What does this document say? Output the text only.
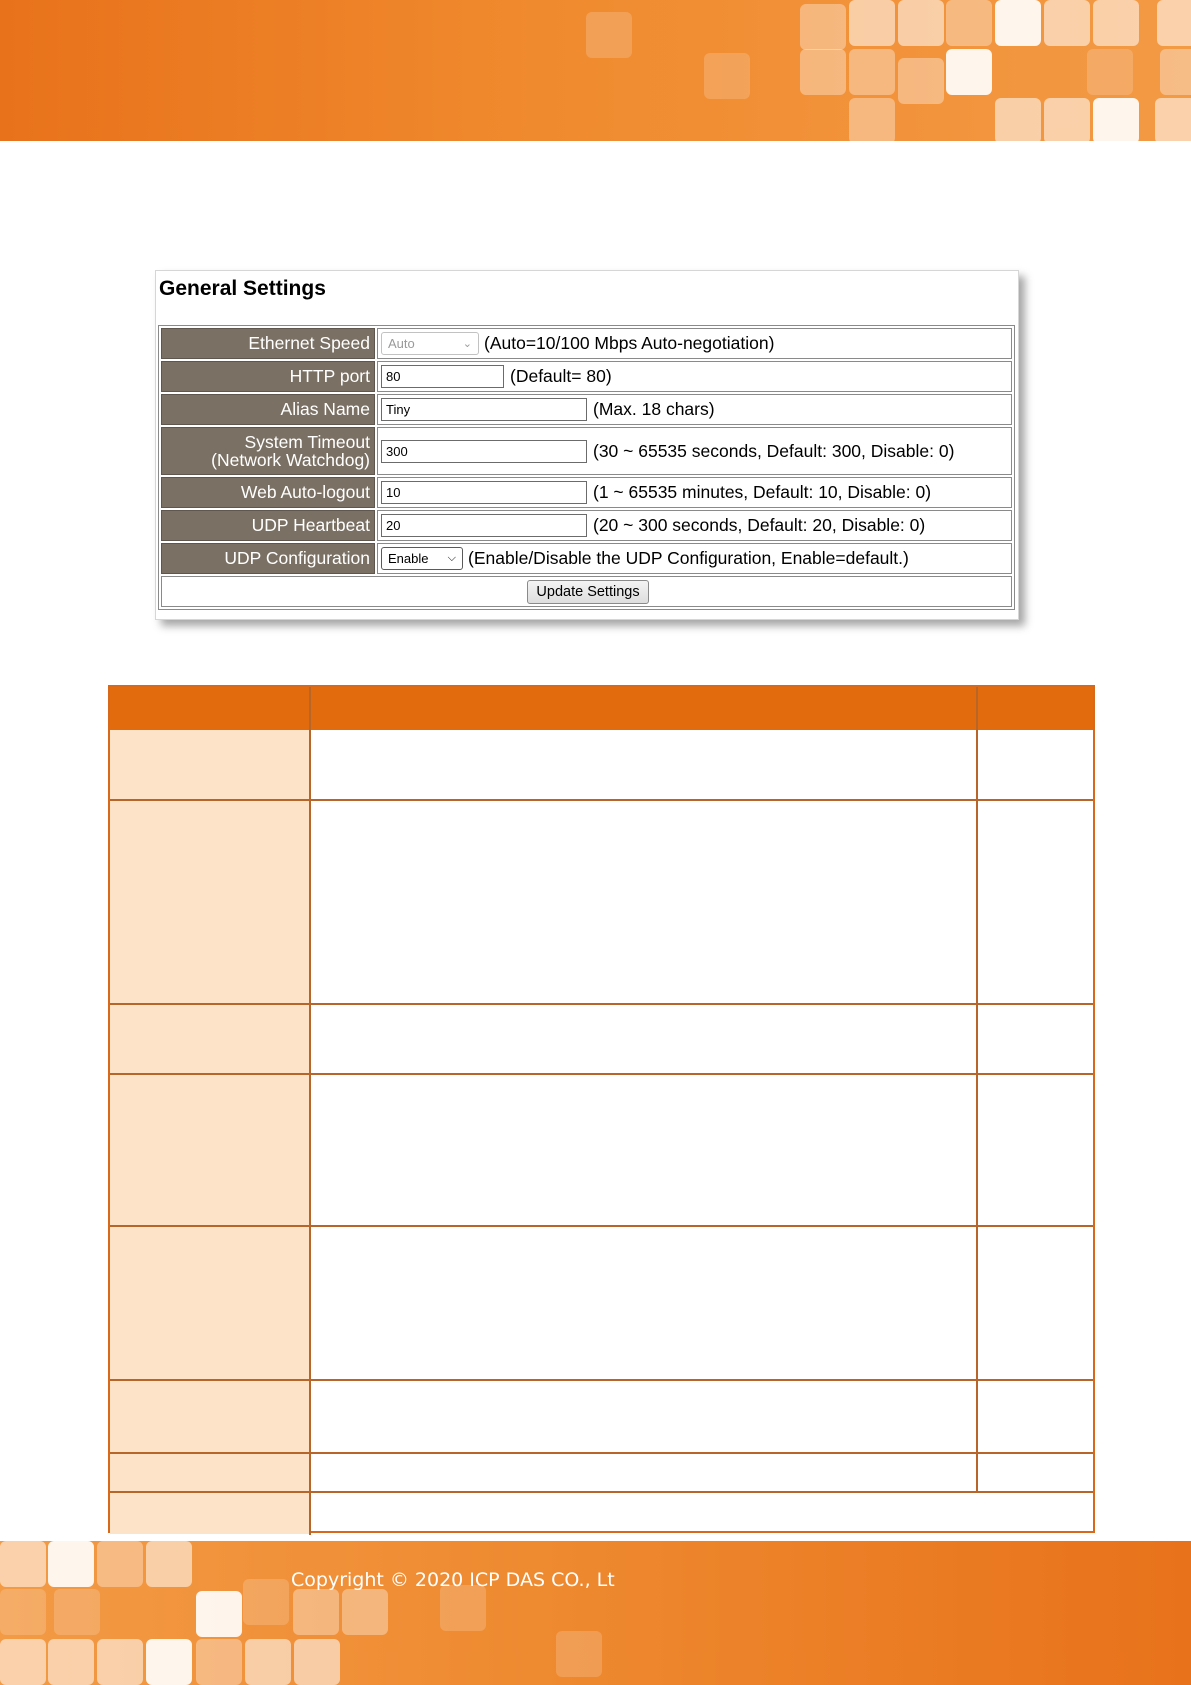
General Settings
Ethernet Speed	Auto	⌄ (Auto=10/100 Mbps Auto-negotiation)
HTTP port	80	(Default= 80)
Alias Name	Tiny	(Max. 18 chars)
System Timeout
(Network Watchdog)	300	(30 ~ 65535 seconds, Default: 300, Disable: 0)
Web Auto-logout	10	(1 ~ 65535 minutes, Default: 10, Disable: 0)
UDP Heartbeat	20	(20 ~ 300 seconds, Default: 20, Disable: 0)
UDP Configuration	Enable ⌵ (Enable/Disable the UDP Configuration, Enable=default.)
Update Settings
Copyright © 2020 ICP DAS CO., Lt
